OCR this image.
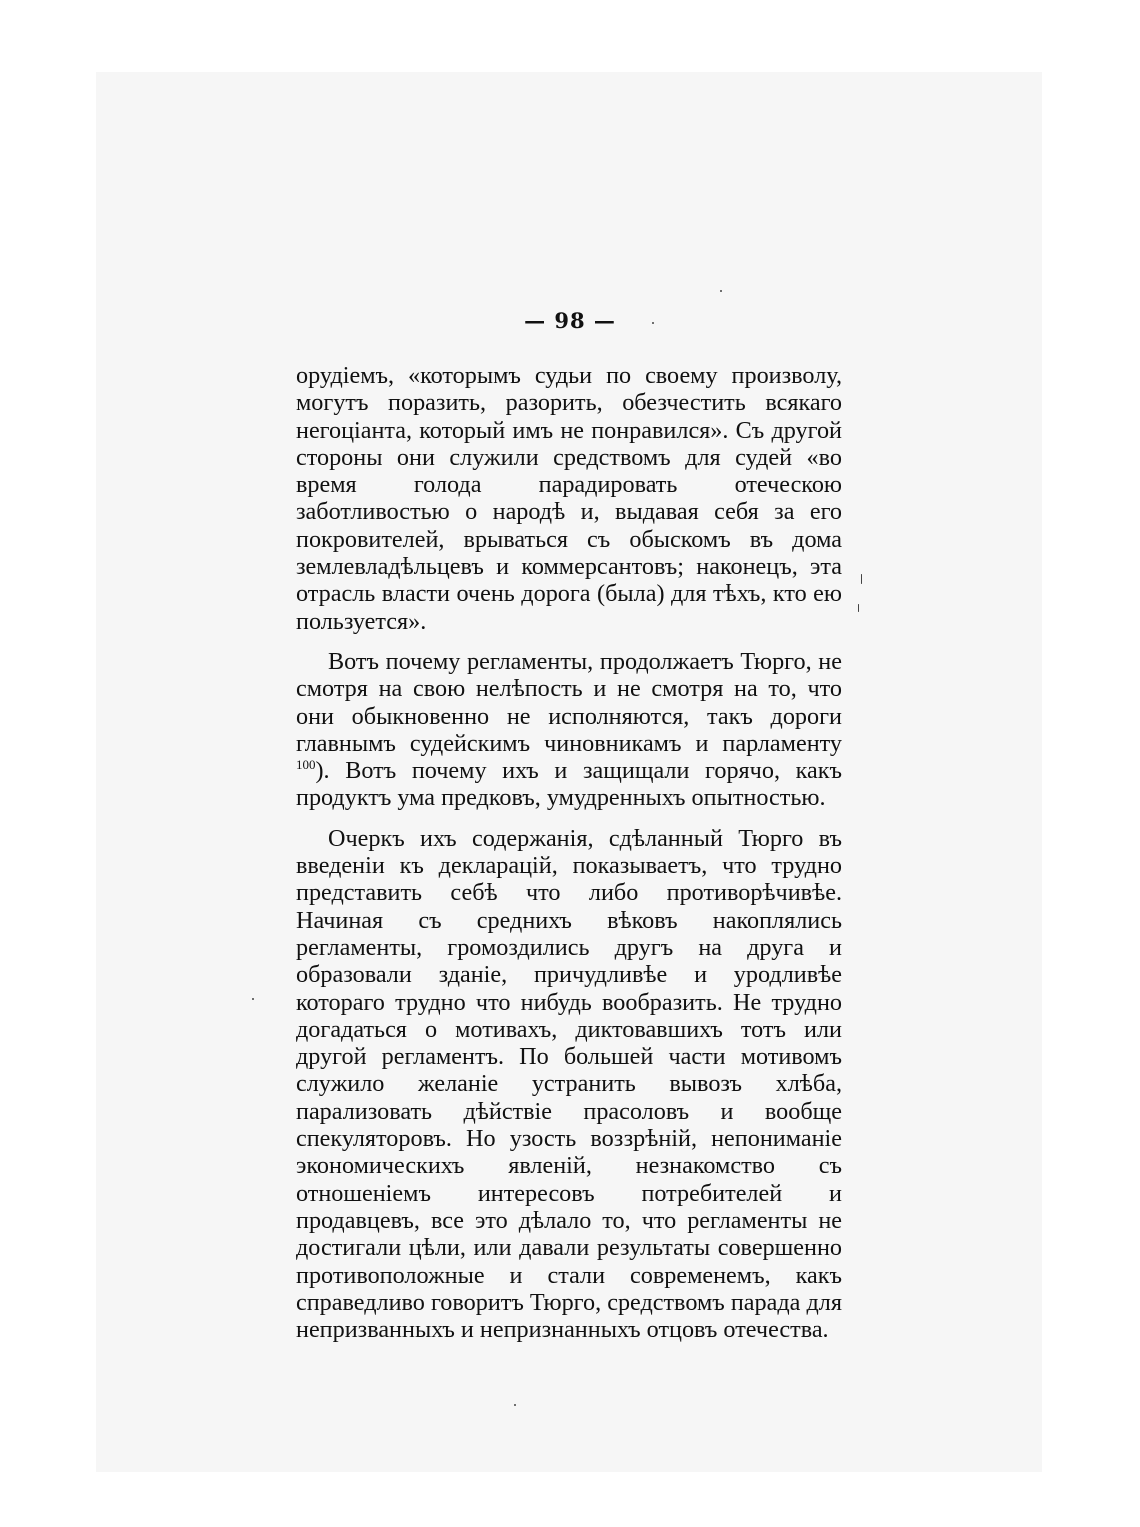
— 98 —

орудіемъ, «которымъ судьи по своему произволу, могутъ поразить, разорить, обезчестить всякаго негоціанта, который имъ не понравился». Съ другой стороны они служили средствомъ для судей «во время голода парадировать отеческою заботливостью о народѣ и, выдавая себя за его покровителей, врываться съ обыскомъ въ дома землевладѣльцевъ и коммерсантовъ; наконецъ, эта отрасль власти очень дорога (была) для тѣхъ, кто ею пользуется».

Вотъ почему регламенты, продолжаетъ Тюрго, не смотря на свою нелѣпость и не смотря на то, что они обыкновенно не исполняются, такъ дороги главнымъ судейскимъ чиновникамъ и парламенту $^{100}$). Вотъ почему ихъ и защищали горячо, какъ продуктъ ума предковъ, умудренныхъ опытностью.

Очеркъ ихъ содержанія, сдѣланный Тюрго въ введеніи къ декларацій, показываетъ, что трудно представить себѣ что либо противорѣчивѣе. Начиная съ среднихъ вѣковъ накоплялись регламенты, громоздились другъ на друга и образовали зданіе, причудливѣе и уродливѣе котораго трудно что нибудь вообразить. Не трудно догадаться о мотивахъ, диктовавшихъ тотъ или другой регламентъ. По большей части мотивомъ служило желаніе устранить вывозъ хлѣба, парализовать дѣйствіе прасоловъ и вообще спекуляторовъ. Но узость воззрѣній, непониманіе экономическихъ явленій, незнакомство съ отношеніемъ интересовъ потребителей и продавцевъ, все это дѣлало то, что регламенты не достигали цѣли, или давали результаты совершенно противоположные и стали современемъ, какъ справедливо говоритъ Тюрго, средствомъ парада для непризванныхъ и непризнанныхъ отцовъ отечества.
